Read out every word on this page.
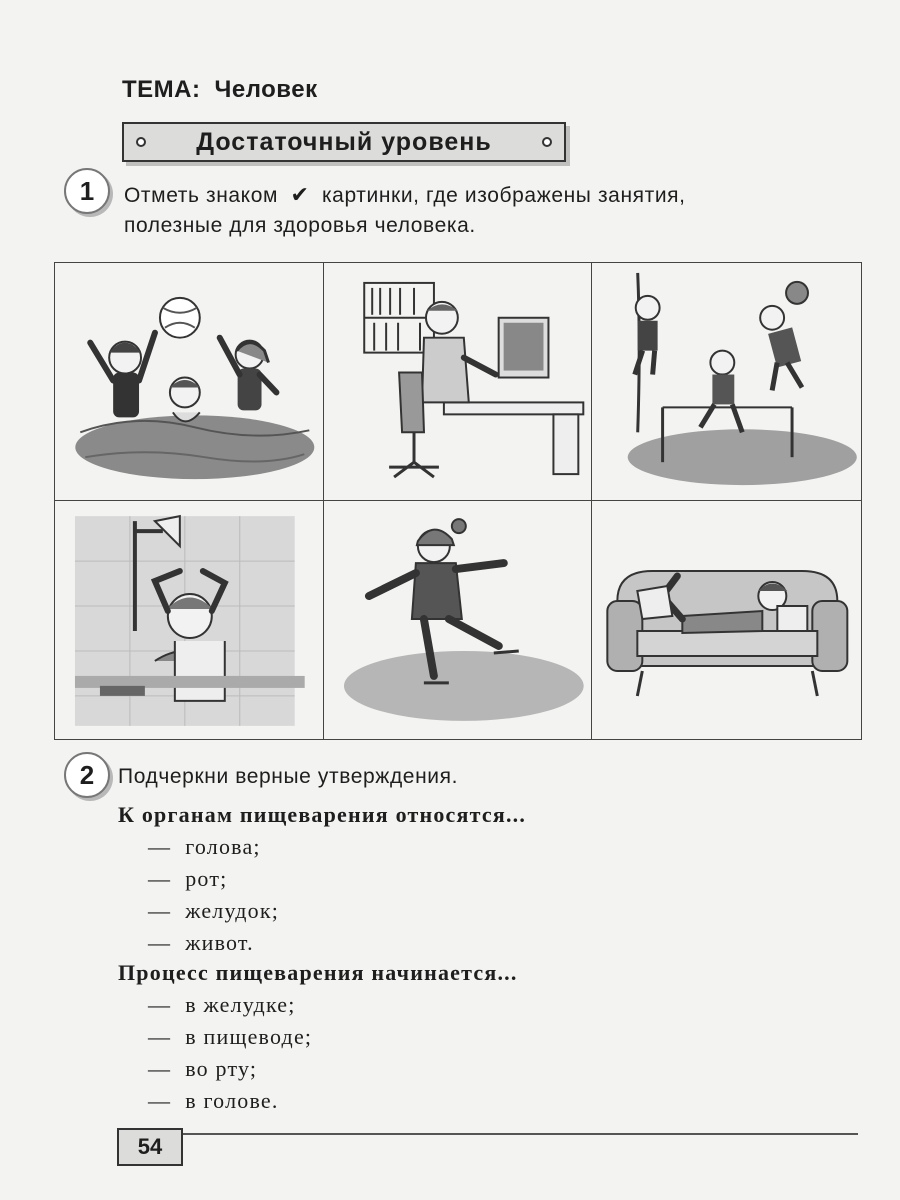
ТЕМА: Человек
Достаточный уровень
1	Отметь знаком ✔ картинки, где изображены занятия,
полезные для здоровья человека.
2	Подчеркни верные утверждения.
К органам пищеварения относятся...
— голова;
— рот;
— желудок;
— живот.
Процесс пищеварения начинается...
— в желудке;
— в пищеводе;
— во рту;
— в голове.
54
